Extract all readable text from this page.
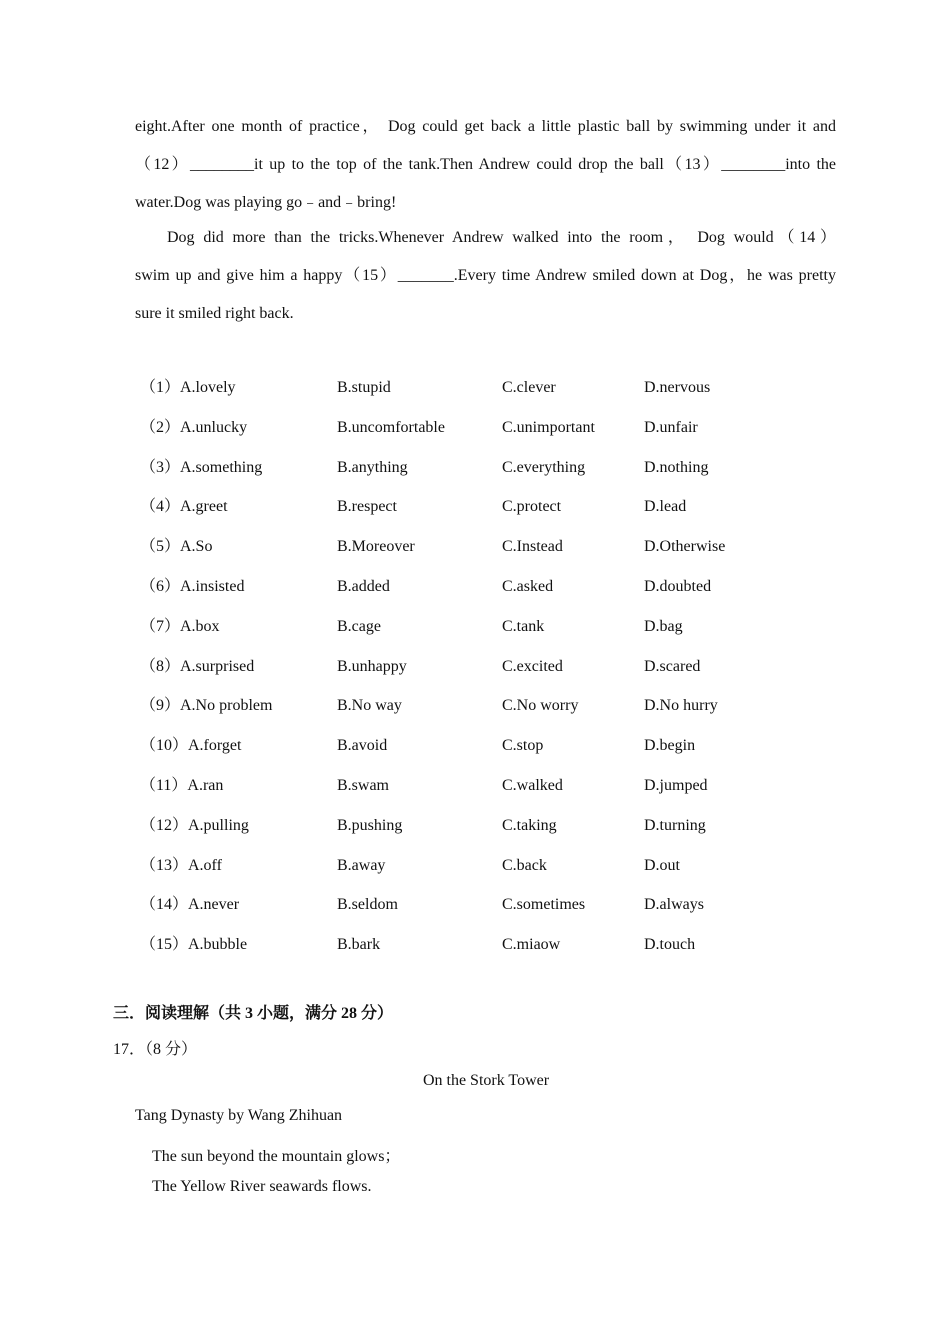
eight.After one month of practice， Dog could get back a little plastic ball by swimming under it and
（12）________it up to the top of the tank.Then Andrew could drop the ball（13）________into the
water.Dog was playing go﹣and﹣bring!
Dog did more than the tricks.Whenever Andrew walked into the room， Dog would（14）
swim up and give him a happy（15）_______.Every time Andrew smiled down at Dog，he was pretty
sure it smiled right back.
（1）A.lovely	B.stupid	C.clever	D.nervous
（2）A.unlucky	B.uncomfortable	C.unimportant	D.unfair
（3）A.something	B.anything	C.everything	D.nothing
（4）A.greet	B.respect	C.protect	D.lead
（5）A.So	B.Moreover	C.Instead	D.Otherwise
（6）A.insisted	B.added	C.asked	D.doubted
（7）A.box	B.cage	C.tank	D.bag
（8）A.surprised	B.unhappy	C.excited	D.scared
（9）A.No problem	B.No way	C.No worry	D.No hurry
（10）A.forget	B.avoid	C.stop	D.begin
（11）A.ran	B.swam	C.walked	D.jumped
（12）A.pulling	B.pushing	C.taking	D.turning
（13）A.off	B.away	C.back	D.out
（14）A.never	B.seldom	C.sometimes	D.always
（15）A.bubble	B.bark	C.miaow	D.touch
三．阅读理解（共 3 小题，满分 28 分）
17．（8 分）
On the Stork Tower
Tang Dynasty by Wang Zhihuan
The sun beyond the mountain glows；
The Yellow River seawards flows.
